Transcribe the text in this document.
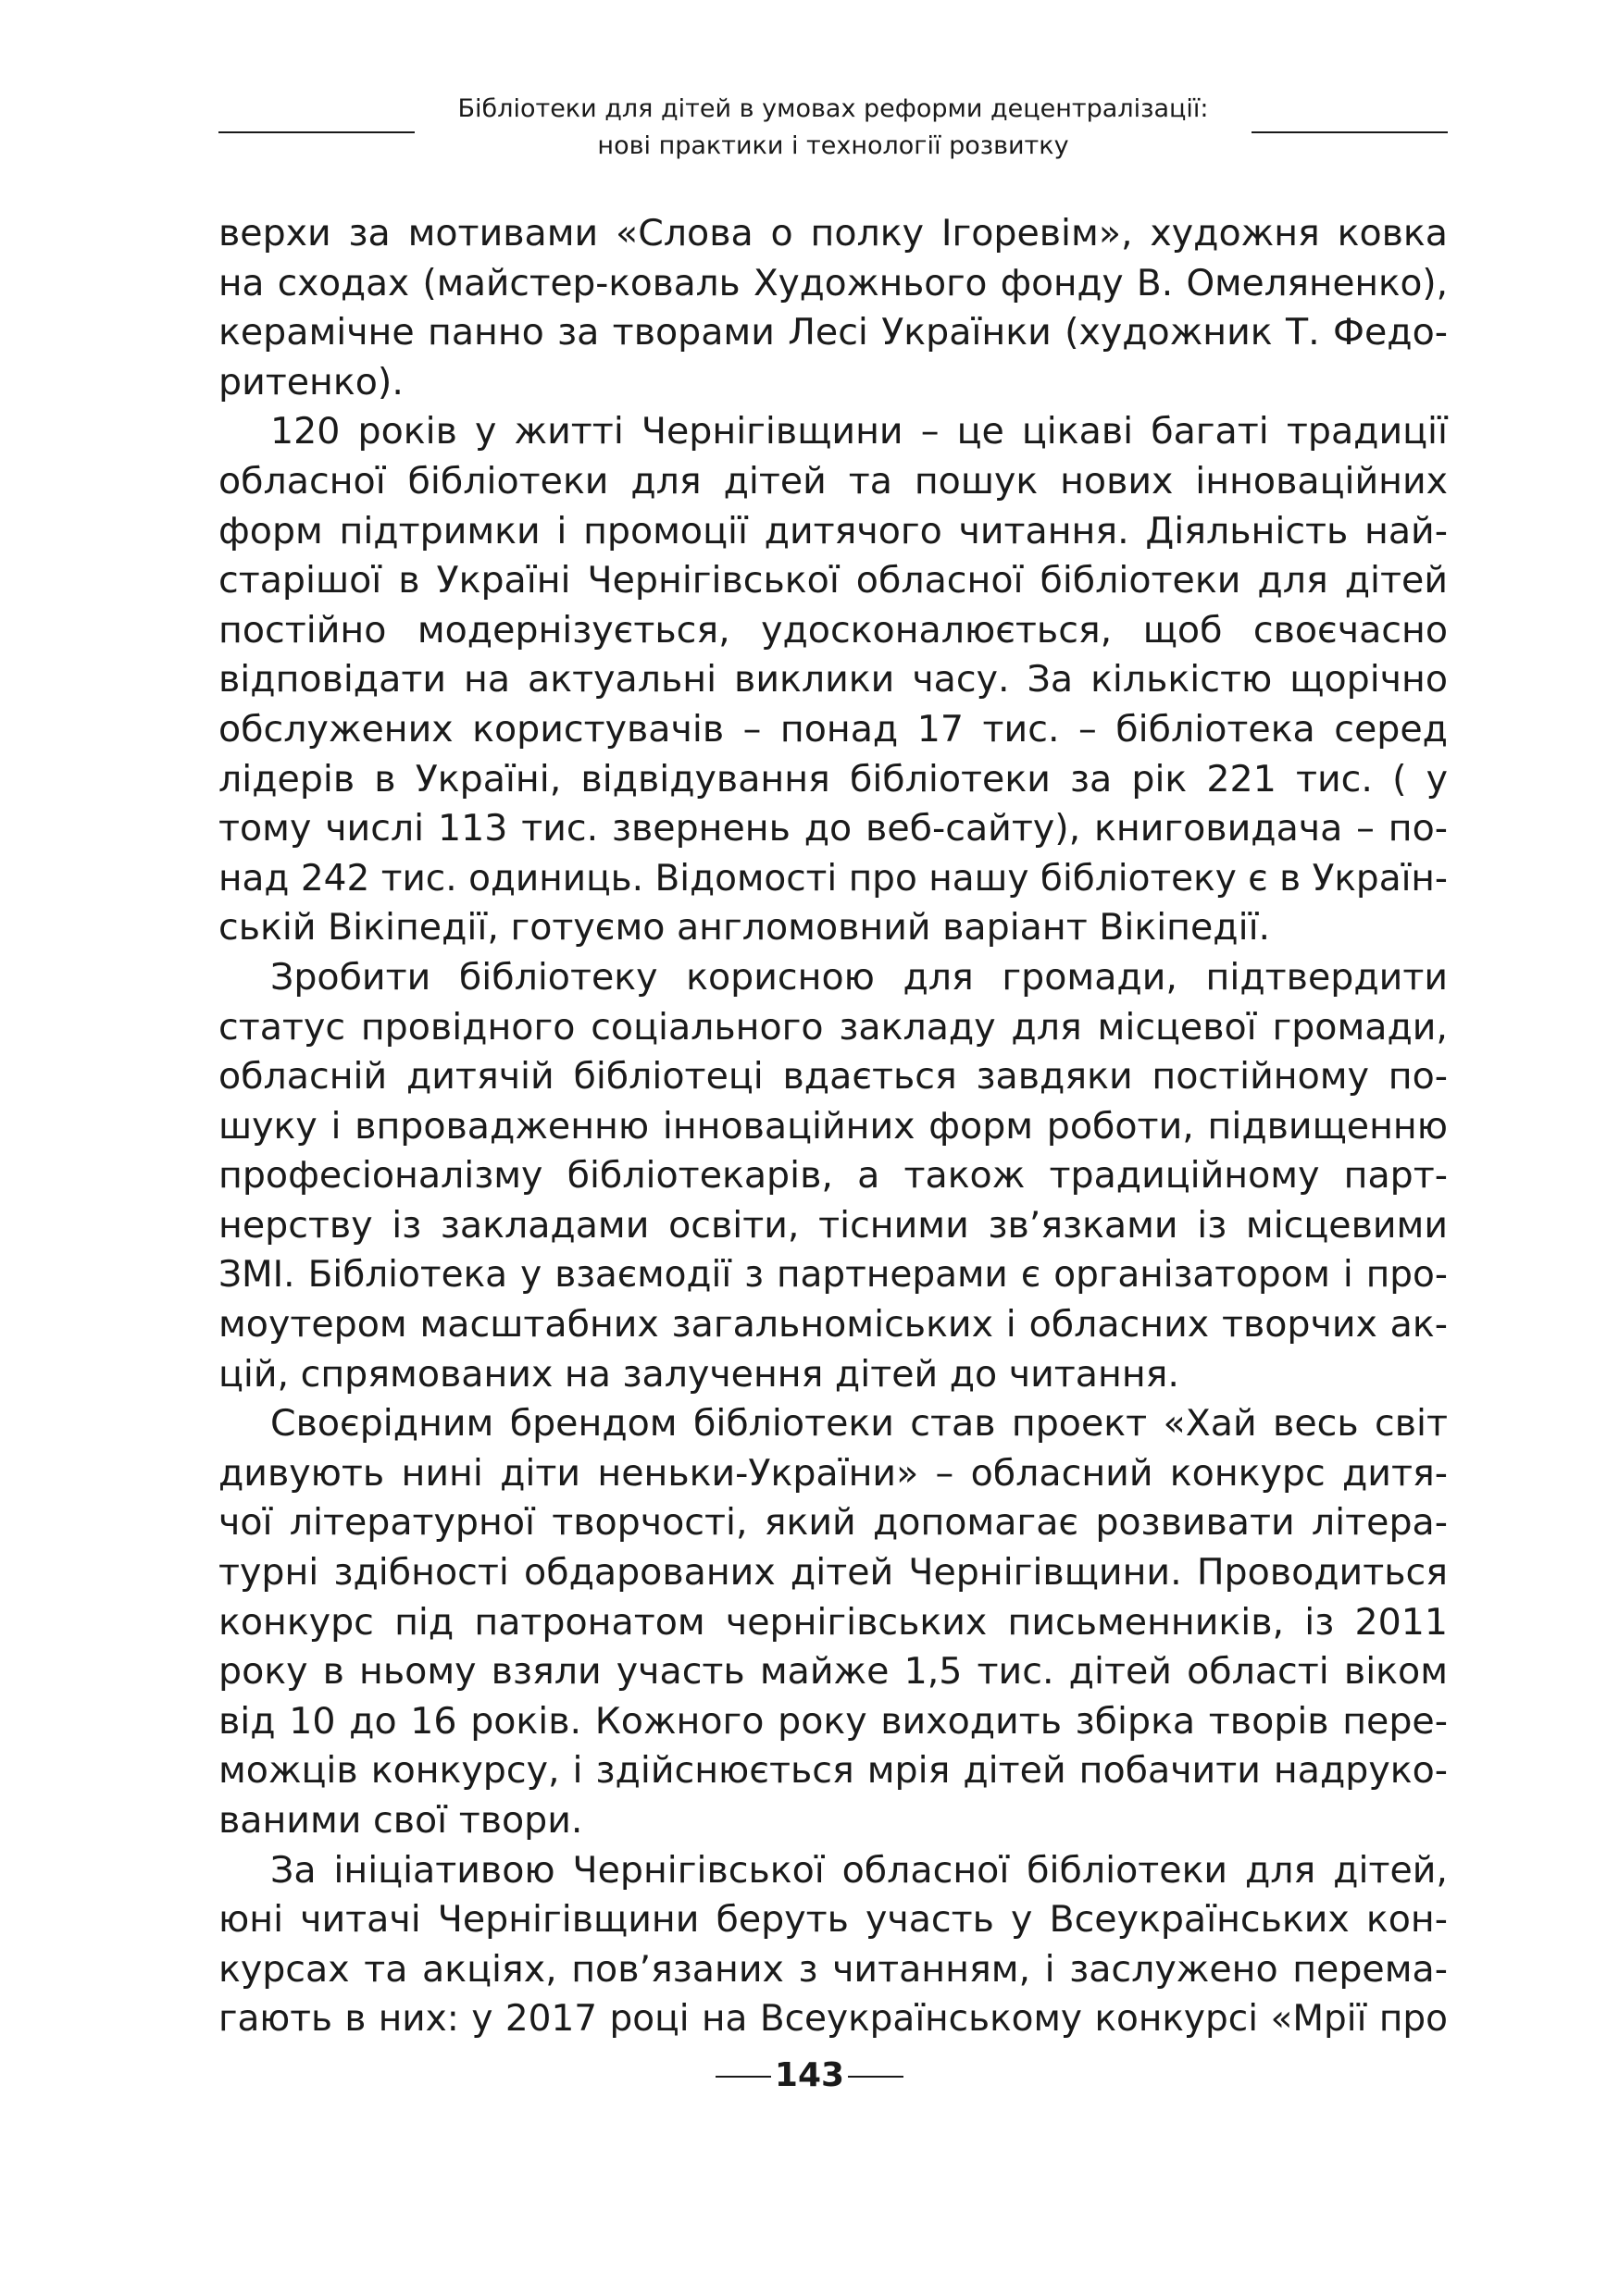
Бібліотеки для дітей в умовах реформи децентралізації:
нові практики і технології розвитку
верхи за мотивами «Слова о полку Ігоревім», художня ковка
на сходах (майстер-коваль Художнього фонду В. Омеляненко),
керамічне панно за творами Лесі Українки (художник Т. Федо-
ритенко).
120 років у житті Чернігівщини – це цікаві багаті традиції
обласної бібліотеки для дітей та пошук нових інноваційних
форм підтримки і промоції дитячого читання. Діяльність най-
старішої в Україні Чернігівської обласної бібліотеки для дітей
постійно модернізується, удосконалюється, щоб своєчасно
відповідати на актуальні виклики часу. За кількістю щорічно
обслужених користувачів – понад 17 тис. – бібліотека серед
лідерів в Україні, відвідування бібліотеки за рік 221 тис. ( у
тому числі 113 тис. звернень до веб-сайту), книговидача – по-
над 242 тис. одиниць. Відомості про нашу бібліотеку є в Україн-
ській Вікіпедії, готуємо англомовний варіант Вікіпедії.
Зробити бібліотеку корисною для громади, підтвердити
статус провідного соціального закладу для місцевої громади,
обласній дитячій бібліотеці вдається завдяки постійному по-
шуку і впровадженню інноваційних форм роботи, підвищенню
професіоналізму бібліотекарів, а також традиційному парт-
нерству із закладами освіти, тісними зв’язками із місцевими
ЗМІ. Бібліотека у взаємодії з партнерами є організатором і про-
моутером масштабних загальноміських і обласних творчих ак-
цій, спрямованих на залучення дітей до читання.
Своєрідним брендом бібліотеки став проект «Хай весь світ
дивують нині діти неньки-України» – обласний конкурс дитя-
чої літературної творчості, який допомагає розвивати літера-
турні здібності обдарованих дітей Чернігівщини. Проводиться
конкурс під патронатом чернігівських письменників, із 2011
року в ньому взяли участь майже 1,5 тис. дітей області віком
від 10 до 16 років. Кожного року виходить збірка творів пере-
можців конкурсу, і здійснюється мрія дітей побачити надруко-
ваними свої твори.
За ініціативою Чернігівської обласної бібліотеки для дітей,
юні читачі Чернігівщини беруть участь у Всеукраїнських кон-
курсах та акціях, пов’язаних з читанням, і заслужено перема-
гають в них: у 2017 році на Всеукраїнському конкурсі «Мрії про
143
